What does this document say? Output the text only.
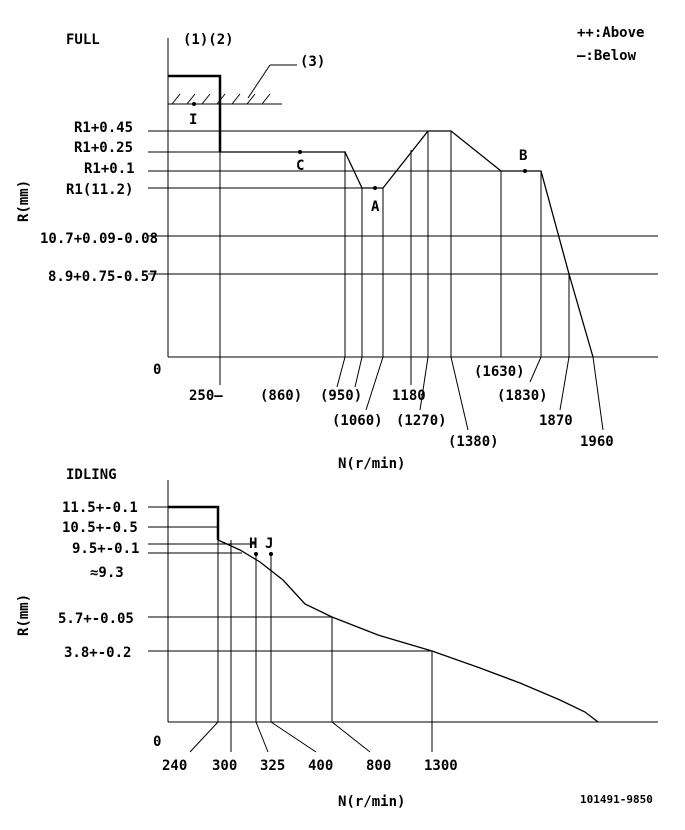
++:Above
—:Below
FULL	(1)(2)
(3)
I
C
A
B
R1+0.45
R1+0.25
R1+0.1
R1(11.2)
10.7+0.09-0.08
8.9+0.75-0.57
0
R(mm)
250—	(860) (950)
(1060)
1180
(1270)
(1380)
(1630)
(1830)
1870
1960
N(r/min)
IDLING
H J
11.5+-0.1
10.5+-0.5
9.5+-0.1
≈9.3
5.7+-0.05
3.8+-0.2
0
R(mm)
240 300 325 400 800 1300
N(r/min)	101491-9850
